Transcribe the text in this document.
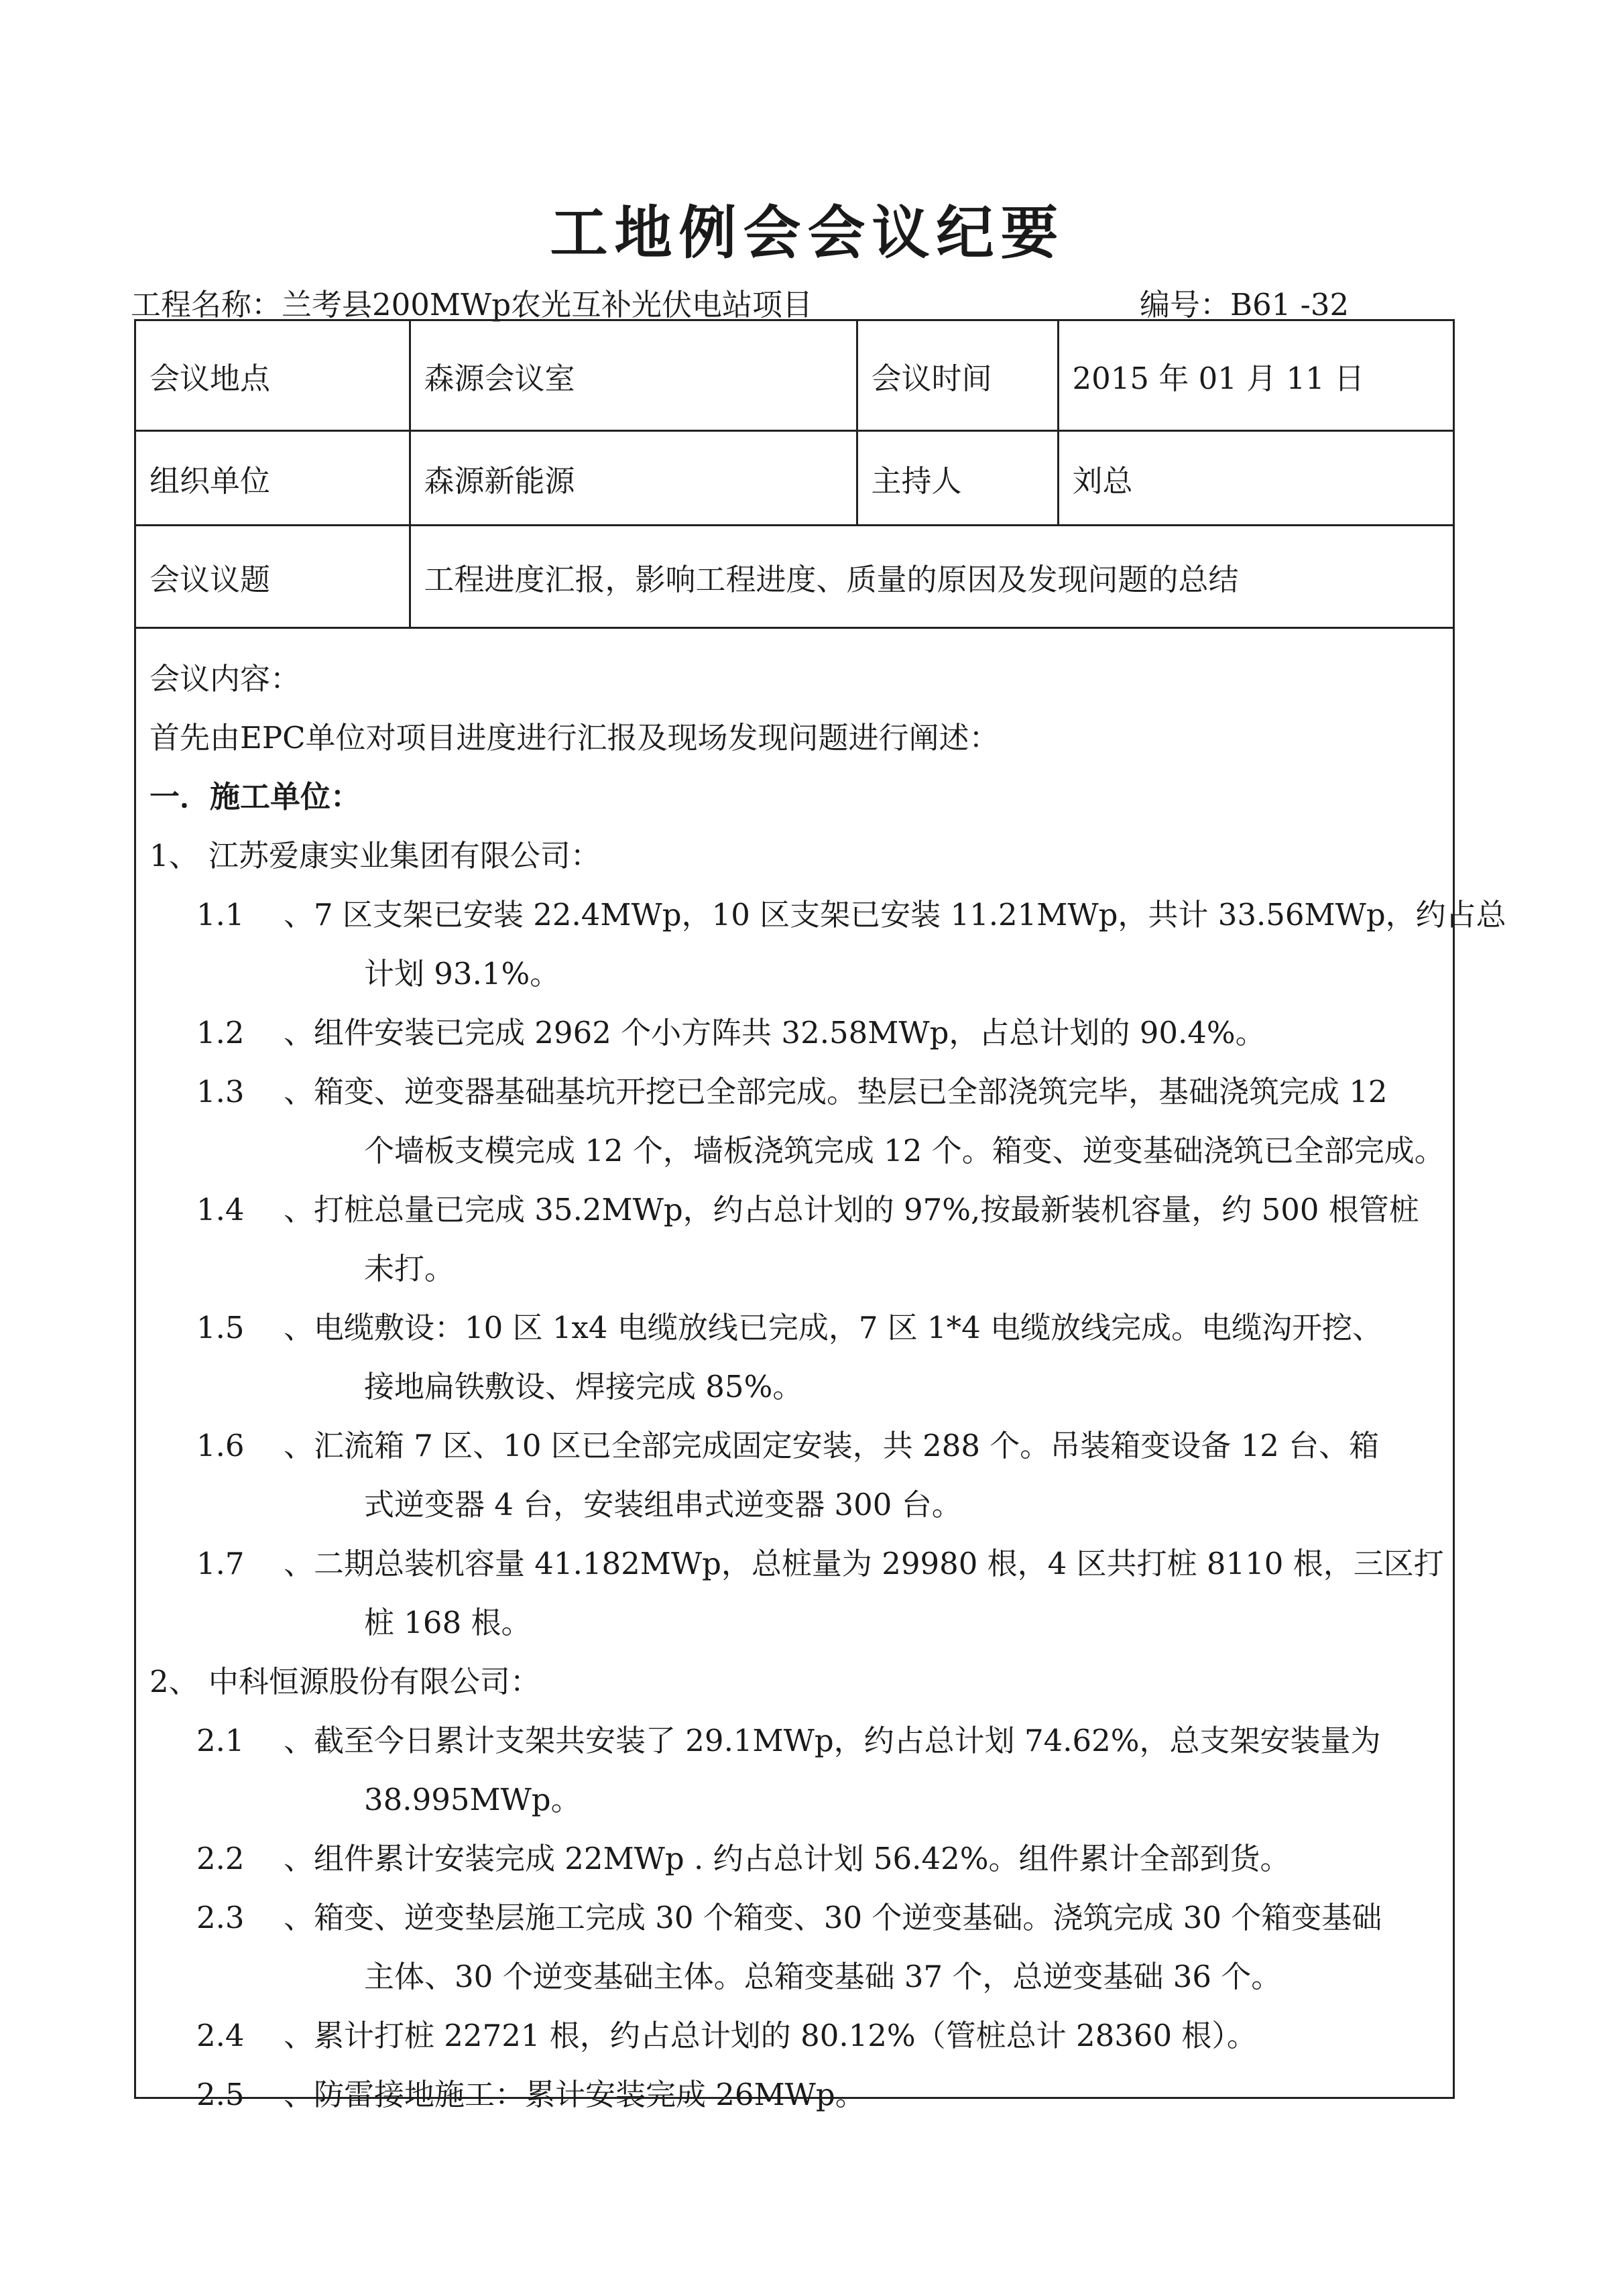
工地例会会议纪要
工程名称：兰考县200MWp农光互补光伏电站项目	编号：B61 -32
会议地点	森源会议室	会议时间	2015 年 01 月 11 日
组织单位	森源新能源	主持人	刘总
会议议题	工程进度汇报，影响工程进度、质量的原因及发现问题的总结		
会议内容：
首先由EPC单位对项目进度进行汇报及现场发现问题进行阐述：
一．施工单位：
1、 江苏爱康实业集团有限公司：
1.1 、7 区支架已安装 22.4MWp，10 区支架已安装 11.21MWp，共计 33.56MWp，约占总
计划 93.1%。
1.2 、组件安装已完成 2962 个小方阵共 32.58MWp，占总计划的 90.4%。
1.3 、箱变、逆变器基础基坑开挖已全部完成。垫层已全部浇筑完毕，基础浇筑完成 12
个墙板支模完成 12 个，墙板浇筑完成 12 个。箱变、逆变基础浇筑已全部完成。
1.4 、打桩总量已完成 35.2MWp，约占总计划的 97%,按最新装机容量，约 500 根管桩
未打。
1.5 、电缆敷设：10 区 1x4 电缆放线已完成，7 区 1*4 电缆放线完成。电缆沟开挖、
接地扁铁敷设、焊接完成 85%。
1.6 、汇流箱 7 区、10 区已全部完成固定安装，共 288 个。吊装箱变设备 12 台、箱
式逆变器 4 台，安装组串式逆变器 300 台。
1.7 、二期总装机容量 41.182MWp，总桩量为 29980 根，4 区共打桩 8110 根，三区打
桩 168 根。
2、 中科恒源股份有限公司：
2.1 、截至今日累计支架共安装了 29.1MWp，约占总计划 74.62%，总支架安装量为
38.995MWp。
2.2 、组件累计安装完成 22MWp . 约占总计划 56.42%。组件累计全部到货。
2.3 、箱变、逆变垫层施工完成 30 个箱变、30 个逆变基础。浇筑完成 30 个箱变基础
主体、30 个逆变基础主体。总箱变基础 37 个，总逆变基础 36 个。
2.4 、累计打桩 22721 根，约占总计划的 80.12%（管桩总计 28360 根）。
2.5 、防雷接地施工：累计安装完成 26MWp。
